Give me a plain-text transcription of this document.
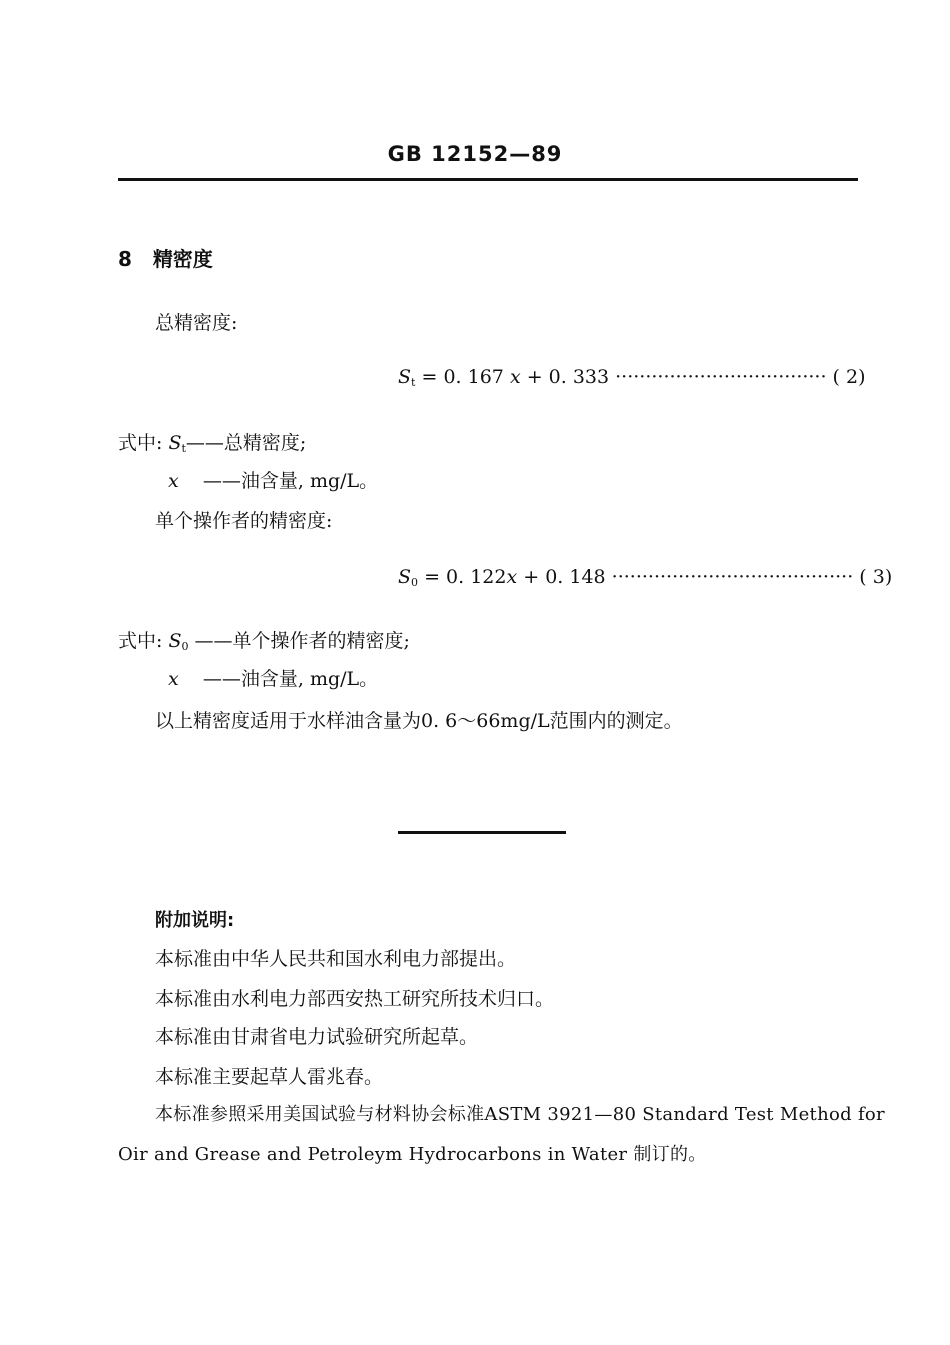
GB 12152—89
8 精密度
总精密度:
$S_t = 0$. 167 x + 0. 333 ··································· ( 2)
式中: $S_t——$总精密度;
x ——油含量, mg/L。
单个操作者的精密度:
$S_0 = 0$. 122x + 0. 148 ········································ ( 3)
式中: $S_0$ ——单个操作者的精密度;
x ——油含量, mg/L。
以上精密度适用于水样油含量为0. 6～66mg/L范围内的测定。
附加说明:
本标准由中华人民共和国水利电力部提出。
本标准由水利电力部西安热工研究所技术归口。
本标准由甘肃省电力试验研究所起草。
本标准主要起草人雷兆春。
本标准参照采用美国试验与材料协会标准ASTM 3921—80 Standard Test Method for
Oir and Grease and Petroleym Hydrocarbons in Water 制订的。
